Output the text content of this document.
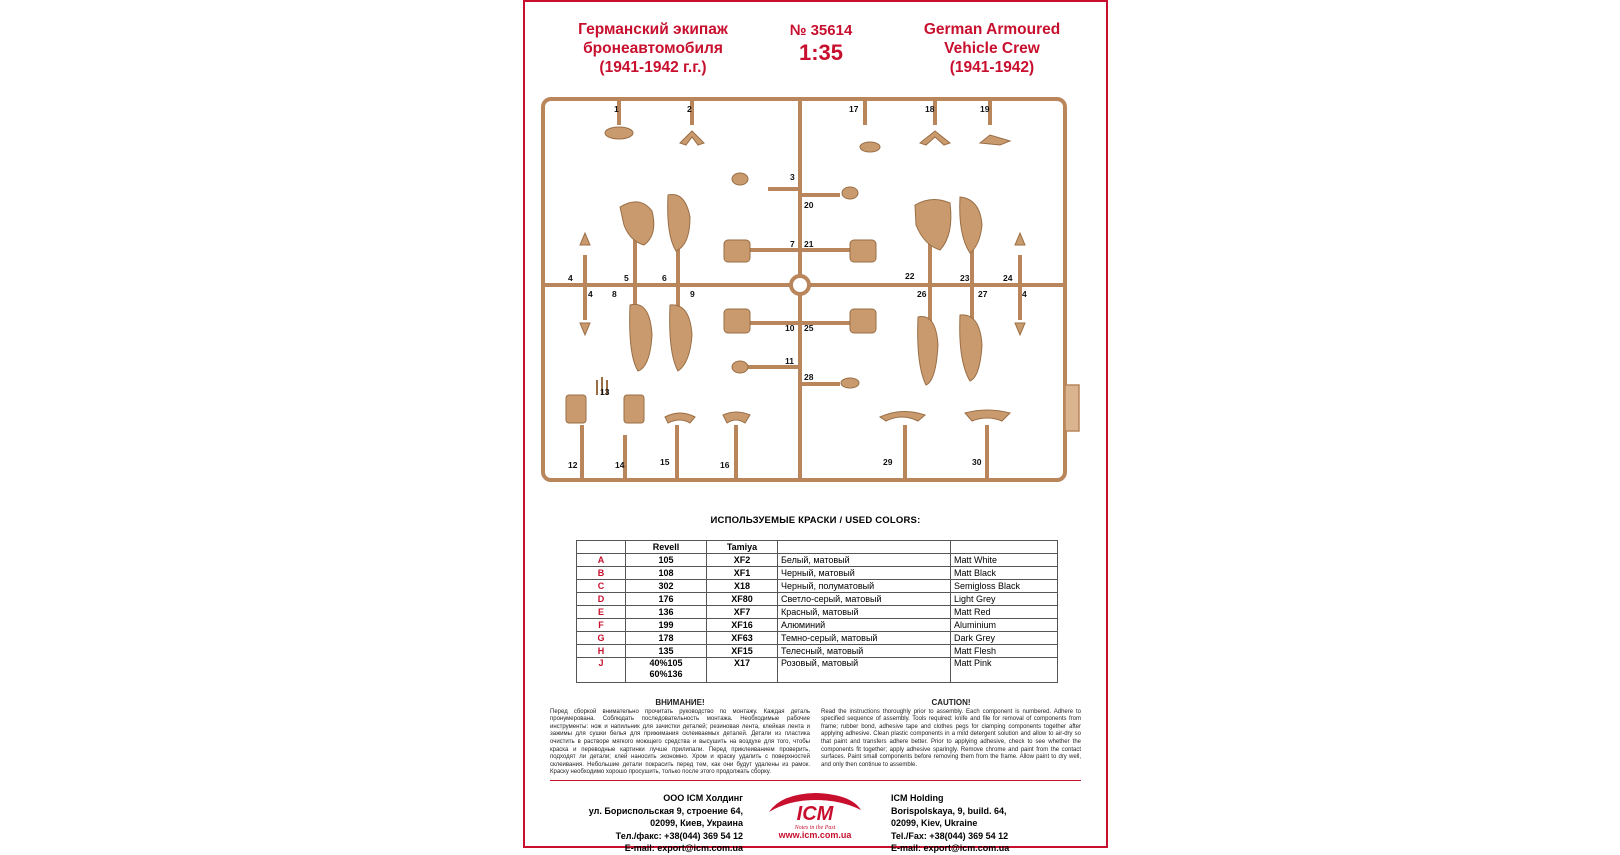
Германский экипаж
бронеавтомобиля
(1941-1942 г.г.)
№ 35614
1:35
German Armoured
Vehicle Crew
(1941-1942)
1	2
3
4
4
5	6
7
8	9
10
11
12
13
14	15	16
17	18	19
20
21
22	23	24
4
25
26	27
28
29	30
ИСПОЛЬЗУЕМЫЕ КРАСКИ / USED COLORS:
	Revell	Tamiya		
A	105	XF2	Белый, матовый	Matt White
B	108	XF1	Черный, матовый	Matt Black
C	302	X18	Черный, полуматовый	Semigloss Black
D	176	XF80	Светло-серый, матовый	Light Grey
E	136	XF7	Красный, матовый	Matt Red
F	199	XF16	Алюминий	Aluminium
G	178	XF63	Темно-серый, матовый	Dark Grey
H	135	XF15	Телесный, матовый	Matt Flesh
J	40%105
60%136	X17	Розовый, матовый	Matt Pink
ВНИМАНИЕ!
Перед сборкой внимательно прочитать руководство по монтажу. Каждая деталь пронумерована. Соблюдать последовательность монтажа. Необходимые рабочие инструменты: нож и напильник для зачистки деталей; резиновая лента, клейкая лента и зажимы для сушки белья для прижимания склеиваемых деталей. Детали из пластика очистить в растворе мягкого моющего средства и высушить на воздухе для того, чтобы краска и переводные картинки лучше прилипали. Перед приклеиванием проверить, подходят ли детали; клей наносить экономно. Хром и краску удалить с поверхностей склеивания. Небольшие детали покрасить перед тем, как они будут удалены из рамок. Краску необходимо хорошо просушить, только после этого продолжать сборку.
CAUTION!
Read the instructions thoroughly prior to assembly. Each component is numbered. Adhere to specified sequence of assembly. Tools required: knife and file for removal of components from frame; rubber bond, adhesive tape and clothes pegs for clamping components together after applying adhesive. Clean plastic components in a mild detergent solution and allow to air-dry so that paint and transfers adhere better. Prior to applying adhesive, check to see whether the components fit together; apply adhesive sparingly. Remove chrome and paint from the contact surfaces. Paint small components before removing them from the frame. Allow paint to dry well, and only then continue to assemble.
ООО ICM Холдинг
ул. Бориспольская 9, строение 64,
02099, Киев, Украина
Тел./факс: +38(044) 369 54 12
E-mail: export@icm.com.ua
ICM
Notes in the Past
www.icm.com.ua
ICM Holding
Borispolskaya, 9, build. 64,
02099, Kiev, Ukraine
Tel./Fax: +38(044) 369 54 12
E-mail: export@icm.com.ua
